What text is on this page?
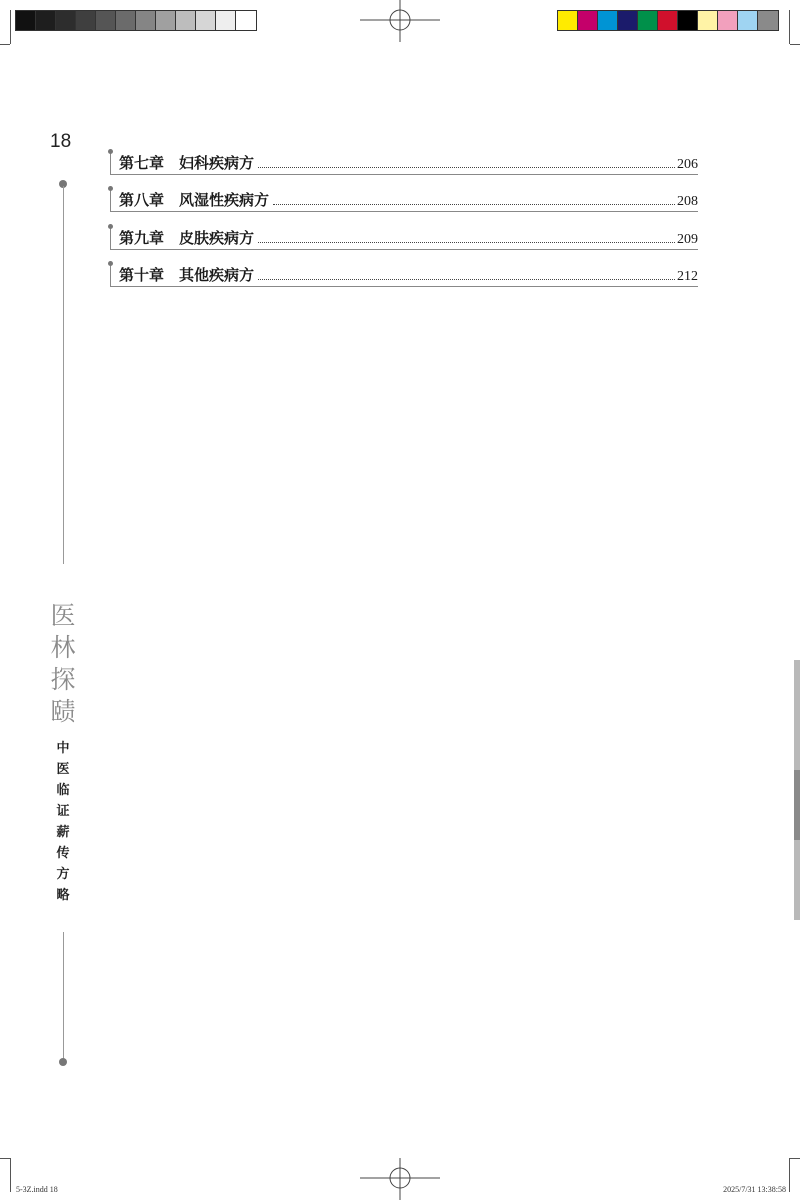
18
医
林
探
赜
中
医
临
证
薪
传
方
略
第七章 妇科疾病方	206
第八章 风湿性疾病方	208
第九章 皮肤疾病方	209
第十章 其他疾病方	212
5-3Z.indd 18	2025/7/31 13:38:58
